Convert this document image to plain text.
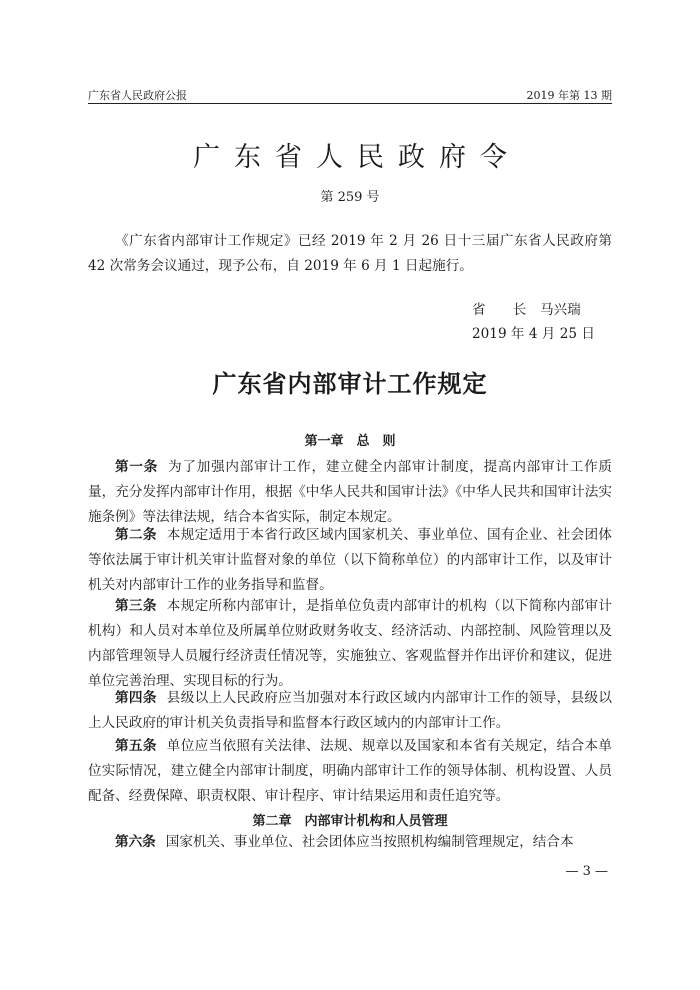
广东省人民政府公报	2019 年第 13 期
广东省人民政府令
第 259 号

《广东省内部审计工作规定》已经 2019 年 2 月 26 日十三届广东省人民政府第 42 次常务会议通过，现予公布，自 2019 年 6 月 1 日起施行。

省　　长　马兴瑞
2019 年 4 月 25 日
广东省内部审计工作规定
第一章　总　则

第一条 为了加强内部审计工作，建立健全内部审计制度，提高内部审计工作质量，充分发挥内部审计作用，根据《中华人民共和国审计法》《中华人民共和国审计法实施条例》等法律法规，结合本省实际，制定本规定。

第二条 本规定适用于本省行政区域内国家机关、事业单位、国有企业、社会团体等依法属于审计机关审计监督对象的单位（以下简称单位）的内部审计工作，以及审计机关对内部审计工作的业务指导和监督。

第三条 本规定所称内部审计，是指单位负责内部审计的机构（以下简称内部审计机构）和人员对本单位及所属单位财政财务收支、经济活动、内部控制、风险管理以及内部管理领导人员履行经济责任情况等，实施独立、客观监督并作出评价和建议，促进单位完善治理、实现目标的行为。

第四条 县级以上人民政府应当加强对本行政区域内内部审计工作的领导，县级以上人民政府的审计机关负责指导和监督本行政区域内的内部审计工作。

第五条 单位应当依照有关法律、法规、规章以及国家和本省有关规定，结合本单位实际情况，建立健全内部审计制度，明确内部审计工作的领导体制、机构设置、人员配备、经费保障、职责权限、审计程序、审计结果运用和责任追究等。

第二章　内部审计机构和人员管理

第六条 国家机关、事业单位、社会团体应当按照机构编制管理规定，结合本

— 3 —
